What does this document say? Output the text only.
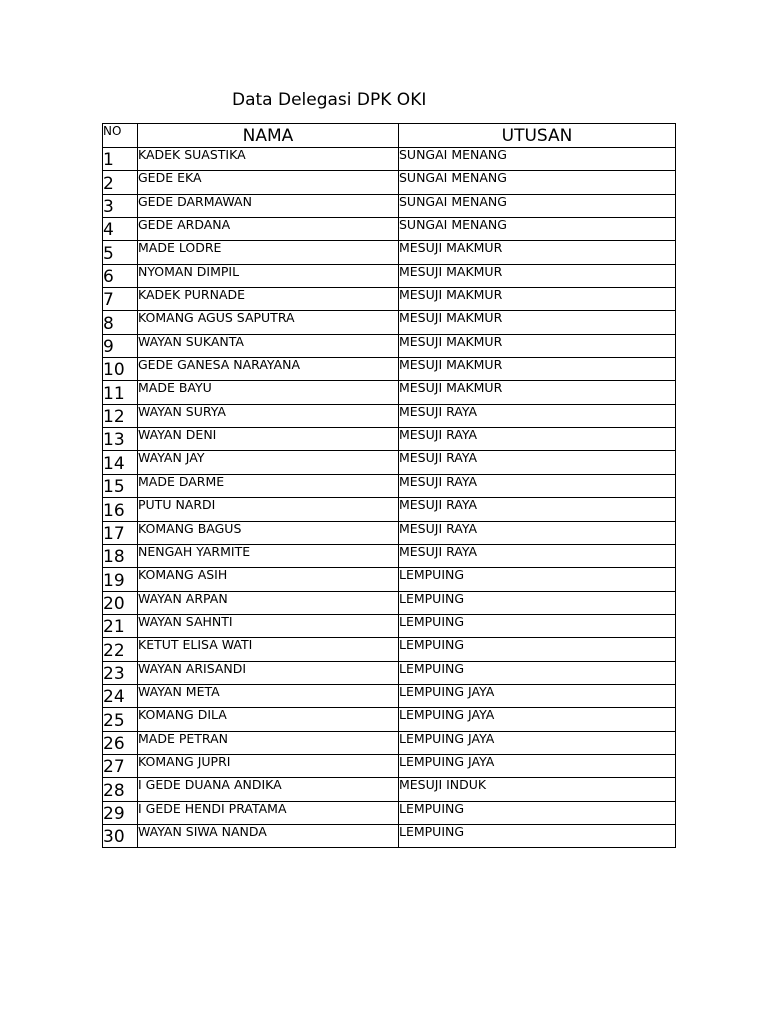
Data Delegasi DPK OKI
NO	NAMA	UTUSAN
1	KADEK SUASTIKA	SUNGAI MENANG
2	GEDE EKA	SUNGAI MENANG
3	GEDE DARMAWAN	SUNGAI MENANG
4	GEDE ARDANA	SUNGAI MENANG
5	MADE LODRE	MESUJI MAKMUR
6	NYOMAN DIMPIL	MESUJI MAKMUR
7	KADEK PURNADE	MESUJI MAKMUR
8	KOMANG AGUS SAPUTRA	MESUJI MAKMUR
9	WAYAN SUKANTA	MESUJI MAKMUR
10	GEDE GANESA NARAYANA	MESUJI MAKMUR
11	MADE BAYU	MESUJI MAKMUR
12	WAYAN SURYA	MESUJI RAYA
13	WAYAN DENI	MESUJI RAYA
14	WAYAN JAY	MESUJI RAYA
15	MADE DARME	MESUJI RAYA
16	PUTU NARDI	MESUJI RAYA
17	KOMANG BAGUS	MESUJI RAYA
18	NENGAH YARMITE	MESUJI RAYA
19	KOMANG ASIH	LEMPUING
20	WAYAN ARPAN	LEMPUING
21	WAYAN SAHNTI	LEMPUING
22	KETUT ELISA WATI	LEMPUING
23	WAYAN ARISANDI	LEMPUING
24	WAYAN META	LEMPUING JAYA
25	KOMANG DILA	LEMPUING JAYA
26	MADE PETRAN	LEMPUING JAYA
27	KOMANG JUPRI	LEMPUING JAYA
28	I GEDE DUANA ANDIKA	MESUJI INDUK
29	I GEDE HENDI PRATAMA	LEMPUING
30	WAYAN SIWA NANDA	LEMPUING
